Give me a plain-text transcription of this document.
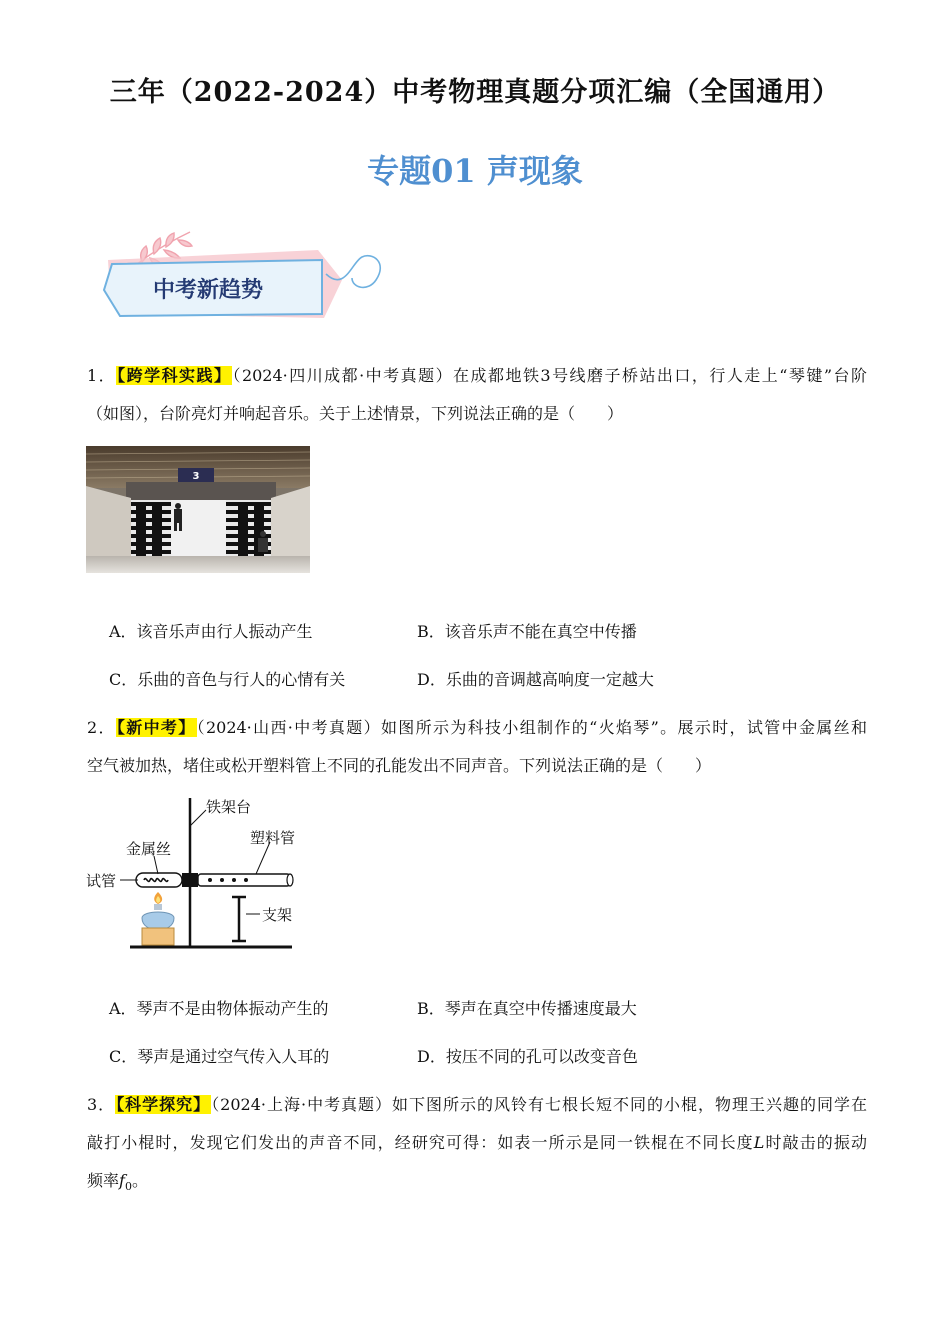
三年（2022-2024）中考物理真题分项汇编（全国通用）
专题01 声现象
中考新趋势
1．【跨学科实践】（2024·四川成都·中考真题）在成都地铁3号线磨子桥站出口，行人走上“琴键”台阶
（如图），台阶亮灯并响起音乐。关于上述情景，下列说法正确的是（　　）
3
A．该音乐声由行人振动产生	B．该音乐声不能在真空中传播
C．乐曲的音色与行人的心情有关	D．乐曲的音调越高响度一定越大
2．【新中考】（2024·山西·中考真题）如图所示为科技小组制作的“火焰琴”。展示时，试管中金属丝和
空气被加热，堵住或松开塑料管上不同的孔能发出不同声音。下列说法正确的是（　　）
铁架台
塑料管
金属丝
试管
支架
A．琴声不是由物体振动产生的	B．琴声在真空中传播速度最大
C．琴声是通过空气传入人耳的	D．按压不同的孔可以改变音色
3．【科学探究】（2024·上海·中考真题）如下图所示的风铃有七根长短不同的小棍，物理王兴趣的同学在
敲打小棍时，发现它们发出的声音不同，经研究可得：如表一所示是同一铁棍在不同长度L时敲击的振动
频率$f_0$。
